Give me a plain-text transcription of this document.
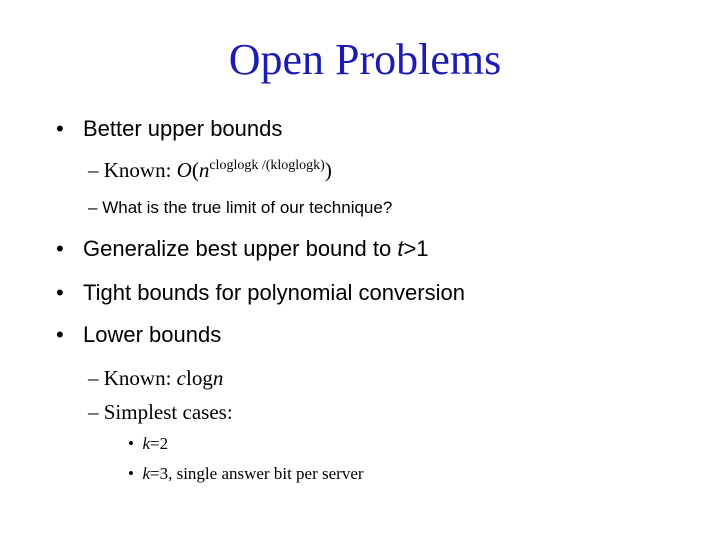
Open Problems
• Better upper bounds
– Known: $O(n^{cloglogk /(kloglogk)})$
– What is the true limit of our technique?
• Generalize best upper bound to t>1
• Tight bounds for polynomial conversion
• Lower bounds
– Known: clogn
– Simplest cases:
• k=2
• k=3, single answer bit per server
